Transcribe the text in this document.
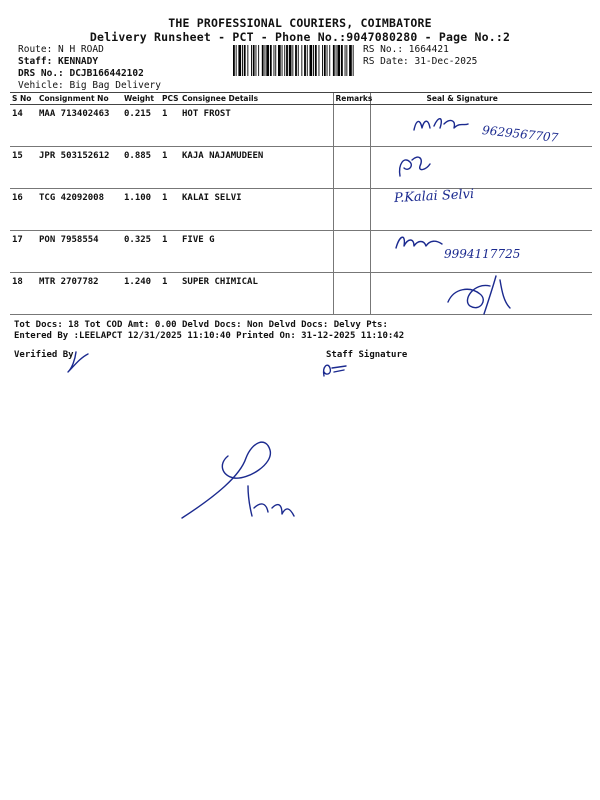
THE PROFESSIONAL COURIERS, COIMBATORE
Delivery Runsheet - PCT - Phone No.:9047080280 - Page No.:2
Route: N H ROAD
Staff: KENNADY
DRS No.: DCJB166442102
Vehicle: Big Bag Delivery
RS No.: 1664421
RS Date: 31-Dec-2025
S No	Consignment No	Weight	PCS	Consignee Details	Remarks	Seal & Signature
14	MAA 713402463	0.215	1	HOT FROST		
15	JPR 503152612	0.885	1	KAJA NAJAMUDEEN		
16	TCG 42092008	1.100	1	KALAI SELVI		
17	PON 7958554	0.325	1	FIVE G		
18	MTR 2707782	1.240	1	SUPER CHIMICAL		
9629567707
P.Kalai Selvi
9994117725
Tot Docs: 18 Tot COD Amt: 0.00 Delvd Docs: Non Delvd Docs: Delvy Pts:
Entered By :LEELAPCT 12/31/2025 11:10:40 Printed On: 31-12-2025 11:10:42
Verified By	Staff Signature
